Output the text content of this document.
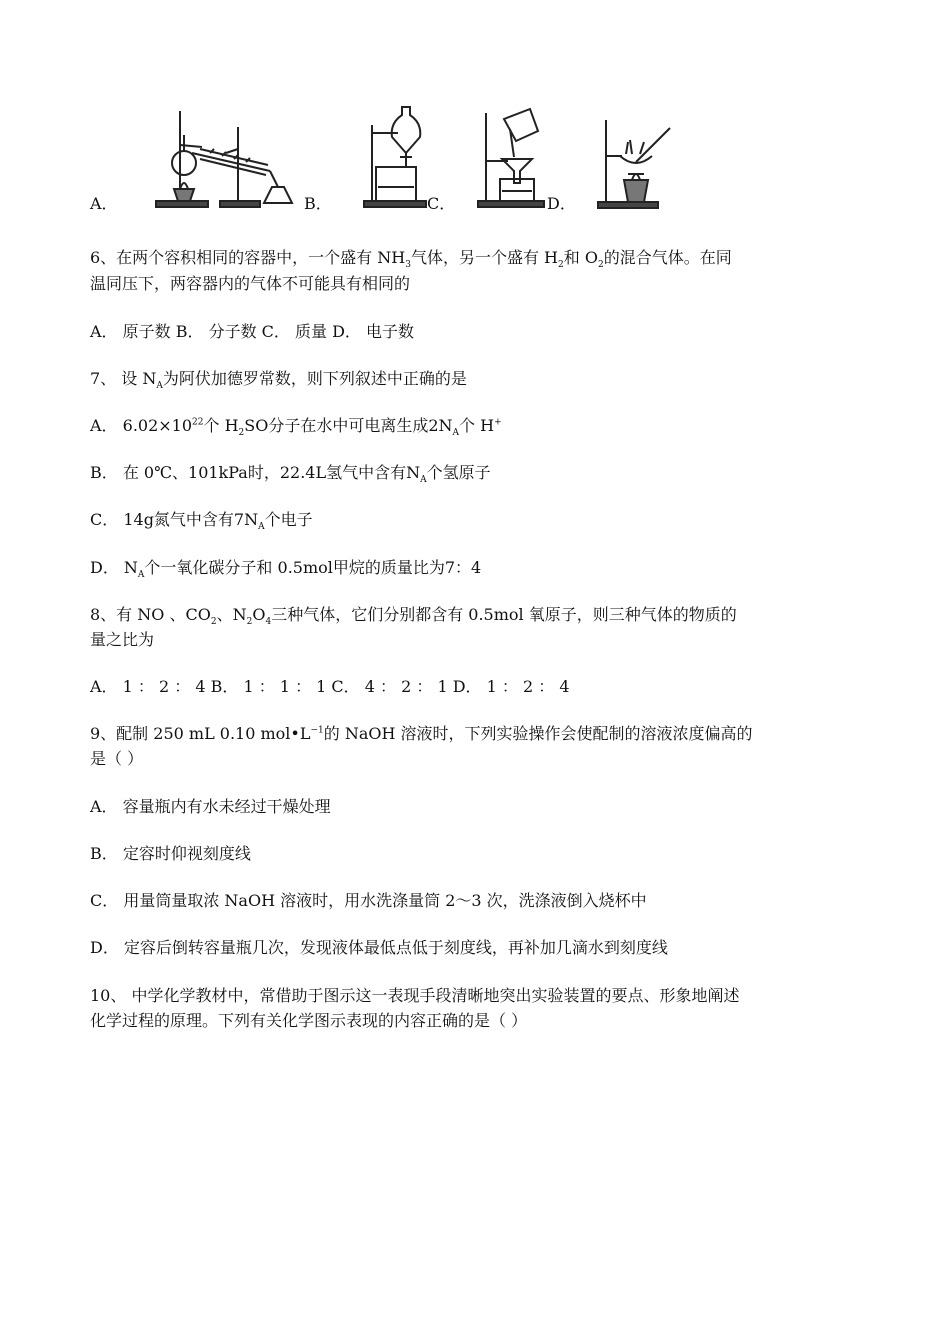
A．	B．	C．	D．
6、在两个容积相同的容器中，一个盛有 $NH_3$气体，另一个盛有 $H_2$和 $O_2$的混合气体。在同
温同压下，两容器内的气体不可能具有相同的
A． 原子数 B． 分子数 C． 质量 D． 电子数
7、 设 $N_A$为阿伏加德罗常数，则下列叙述中正确的是
A． $6.02\times 10^{22}$个 $H_2SO$分子在水中可电离生成$2N_A$个 H+
B． 在 0℃、101kPa时，22.4L氢气中含有$N_A$个氢原子
C． 14g氮气中含有$7N_A$个电子
D． $N_A$个一氧化碳分子和 0.5mol甲烷的质量比为7：4
8、有 NO 、$CO_2$、$N_2O_4$三种气体，它们分别都含有 0.5mol 氧原子，则三种气体的物质的
量之比为
A． 1 ： 2 ： 4 B． 1 ： 1 ： 1 C． 4 ： 2 ： 1 D． 1 ： 2 ： 4
9、配制 250 mL 0.10 $mol•L^{-1}$的 NaOH 溶液时，下列实验操作会使配制的溶液浓度偏高的
是（ ）
A． 容量瓶内有水未经过干燥处理
B． 定容时仰视刻度线
C． 用量筒量取浓 NaOH 溶液时，用水洗涤量筒 2～3 次，洗涤液倒入烧杯中
D． 定容后倒转容量瓶几次，发现液体最低点低于刻度线，再补加几滴水到刻度线
10、 中学化学教材中，常借助于图示这一表现手段清晰地突出实验装置的要点、形象地阐述
化学过程的原理。下列有关化学图示表现的内容正确的是（ ）
